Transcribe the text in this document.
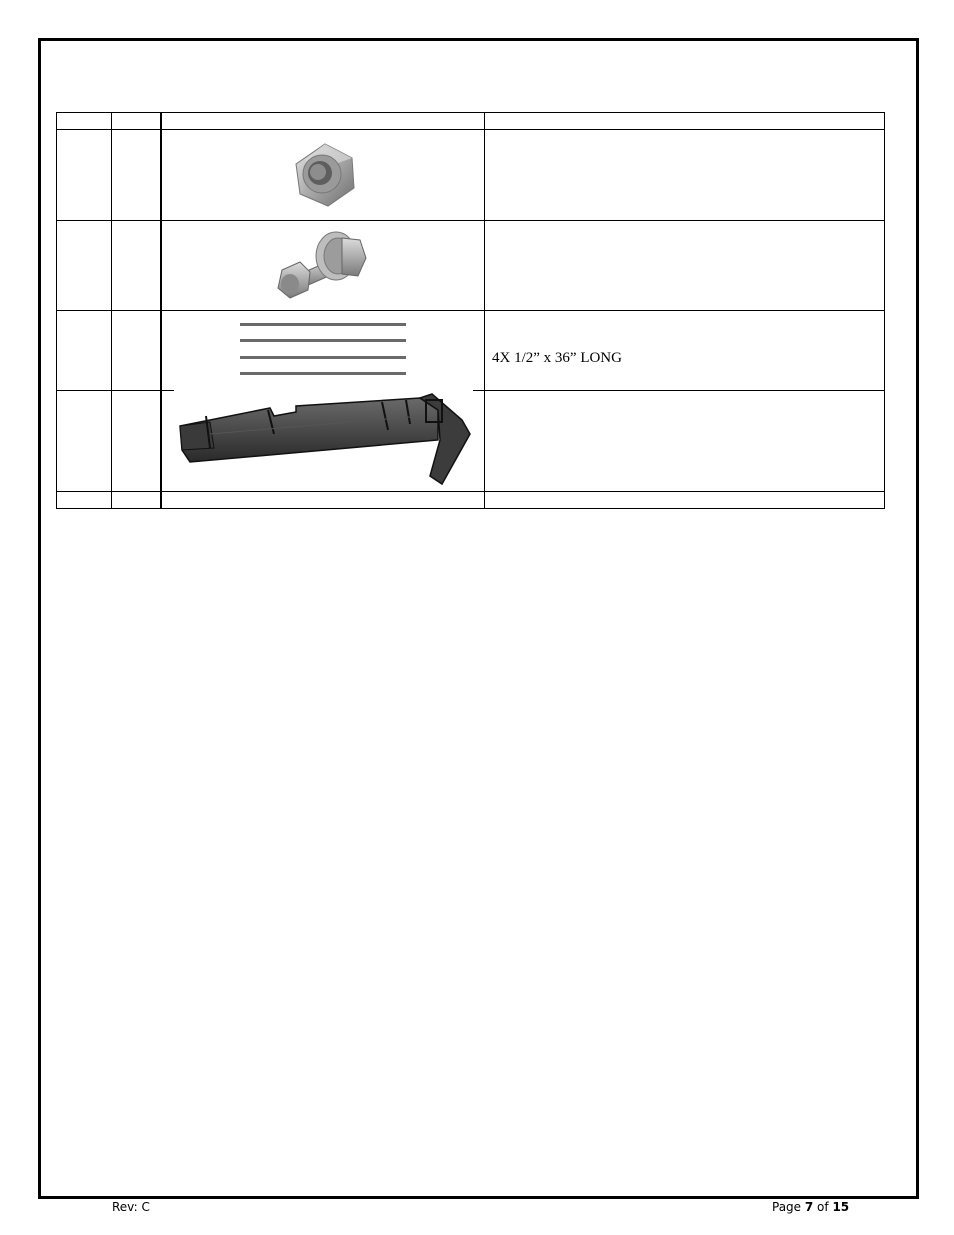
4X 1/2” x 36” LONG
Rev: C	Page 7 of 15
